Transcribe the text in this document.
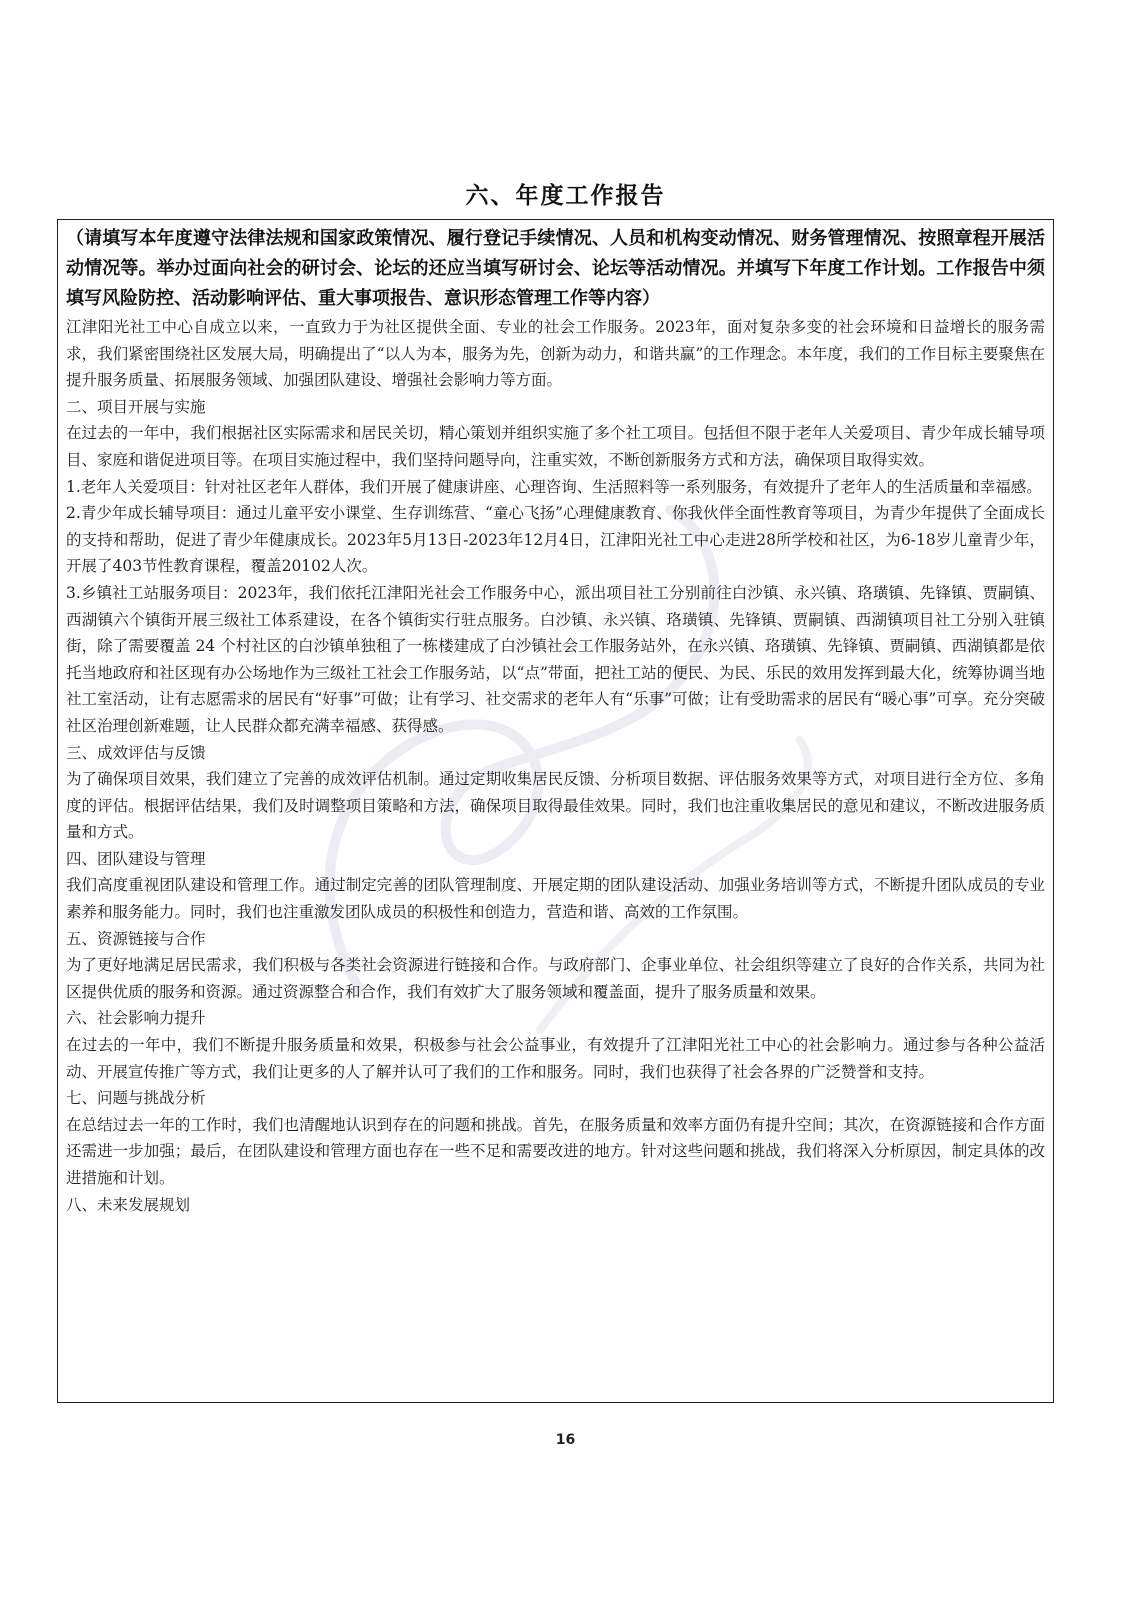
六、年度工作报告

（请填写本年度遵守法律法规和国家政策情况、履行登记手续情况、人员和机构变动情况、财务管理情况、按照章程开展活动情况等。举办过面向社会的研讨会、论坛的还应当填写研讨会、论坛等活动情况。并填写下年度工作计划。工作报告中须填写风险防控、活动影响评估、重大事项报告、意识形态管理工作等内容）

江津阳光社工中心自成立以来，一直致力于为社区提供全面、专业的社会工作服务。2023年，面对复杂多变的社会环境和日益增长的服务需求，我们紧密围绕社区发展大局，明确提出了“以人为本，服务为先，创新为动力，和谐共赢”的工作理念。本年度，我们的工作目标主要聚焦在提升服务质量、拓展服务领域、加强团队建设、增强社会影响力等方面。

二、项目开展与实施

在过去的一年中，我们根据社区实际需求和居民关切，精心策划并组织实施了多个社工项目。包括但不限于老年人关爱项目、青少年成长辅导项目、家庭和谐促进项目等。在项目实施过程中，我们坚持问题导向，注重实效，不断创新服务方式和方法，确保项目取得实效。

1.老年人关爱项目：针对社区老年人群体，我们开展了健康讲座、心理咨询、生活照料等一系列服务，有效提升了老年人的生活质量和幸福感。

2.青少年成长辅导项目：通过儿童平安小课堂、生存训练营、“童心飞扬”心理健康教育、你我伙伴全面性教育等项目，为青少年提供了全面成长的支持和帮助，促进了青少年健康成长。2023年5月13日-2023年12月4日，江津阳光社工中心走进28所学校和社区，为6-18岁儿童青少年，开展了403节性教育课程，覆盖20102人次。

3.乡镇社工站服务项目：2023年，我们依托江津阳光社会工作服务中心，派出项目社工分别前往白沙镇、永兴镇、珞璜镇、先锋镇、贾嗣镇、西湖镇六个镇街开展三级社工体系建设，在各个镇街实行驻点服务。白沙镇、永兴镇、珞璜镇、先锋镇、贾嗣镇、西湖镇项目社工分别入驻镇街，除了需要覆盖 24 个村社区的白沙镇单独租了一栋楼建成了白沙镇社会工作服务站外，在永兴镇、珞璜镇、先锋镇、贾嗣镇、西湖镇都是依托当地政府和社区现有办公场地作为三级社工社会工作服务站，以“点”带面，把社工站的便民、为民、乐民的效用发挥到最大化，统筹协调当地社工室活动，让有志愿需求的居民有“好事”可做；让有学习、社交需求的老年人有“乐事”可做；让有受助需求的居民有“暖心事”可享。充分突破社区治理创新难题，让人民群众都充满幸福感、获得感。

三、成效评估与反馈

为了确保项目效果，我们建立了完善的成效评估机制。通过定期收集居民反馈、分析项目数据、评估服务效果等方式，对项目进行全方位、多角度的评估。根据评估结果，我们及时调整项目策略和方法，确保项目取得最佳效果。同时，我们也注重收集居民的意见和建议，不断改进服务质量和方式。

四、团队建设与管理

我们高度重视团队建设和管理工作。通过制定完善的团队管理制度、开展定期的团队建设活动、加强业务培训等方式，不断提升团队成员的专业素养和服务能力。同时，我们也注重激发团队成员的积极性和创造力，营造和谐、高效的工作氛围。

五、资源链接与合作

为了更好地满足居民需求，我们积极与各类社会资源进行链接和合作。与政府部门、企事业单位、社会组织等建立了良好的合作关系，共同为社区提供优质的服务和资源。通过资源整合和合作，我们有效扩大了服务领域和覆盖面，提升了服务质量和效果。

六、社会影响力提升

在过去的一年中，我们不断提升服务质量和效果，积极参与社会公益事业，有效提升了江津阳光社工中心的社会影响力。通过参与各种公益活动、开展宣传推广等方式，我们让更多的人了解并认可了我们的工作和服务。同时，我们也获得了社会各界的广泛赞誉和支持。

七、问题与挑战分析

在总结过去一年的工作时，我们也清醒地认识到存在的问题和挑战。首先，在服务质量和效率方面仍有提升空间；其次，在资源链接和合作方面还需进一步加强；最后，在团队建设和管理方面也存在一些不足和需要改进的地方。针对这些问题和挑战，我们将深入分析原因，制定具体的改进措施和计划。

八、未来发展规划
16
